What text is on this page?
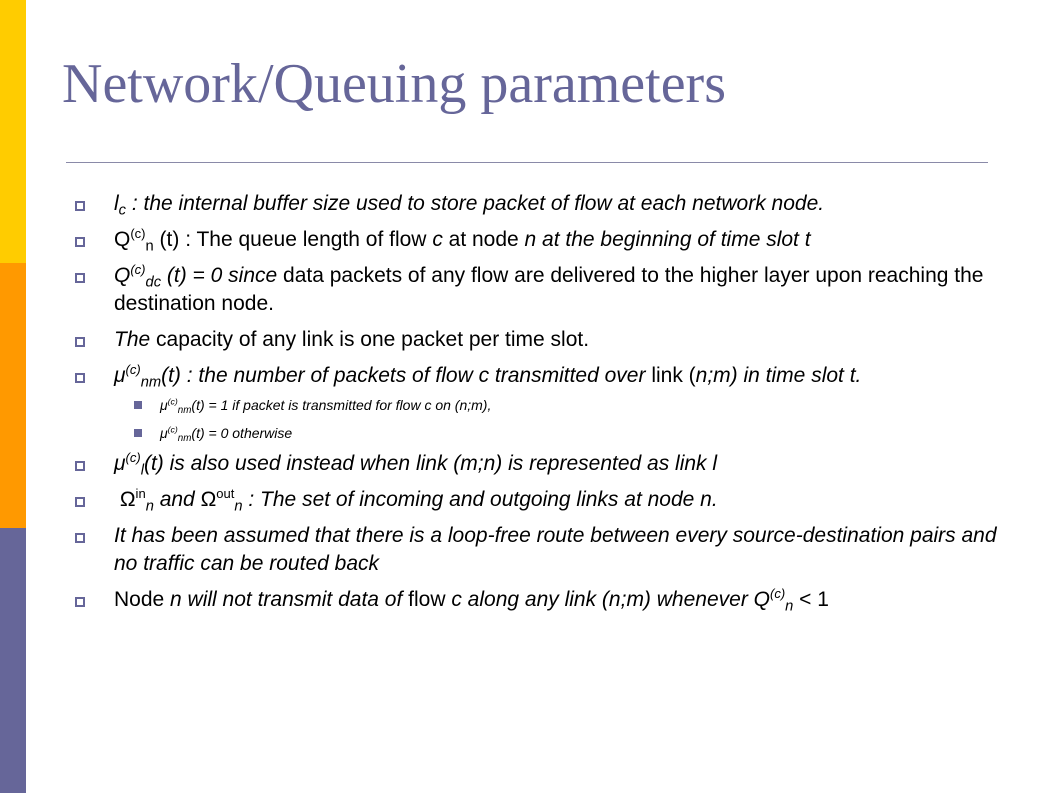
Network/Queuing parameters
$l_c$ : the internal buffer size used to store packet of flow at each network node.
$Q^{(c)}_n$ (t) : The queue length of flow c at node n at the beginning of time slot t
$Q^{(c)}_{dc}$ (t) = 0 since data packets of any flow are delivered to the higher layer upon reaching the destination node.
The capacity of any link is one packet per time slot.
$\mu^{(c)}_{nm}(t)$ : the number of packets of flow c transmitted over link (n;m) in time slot t.
$\mu^{(c)}_{nm}(t) = 1$ if packet is transmitted for flow c on (n;m),
$\mu^{(c)}_{nm}(t) = 0$ otherwise
$\mu^{(c)}_l(t)$ is also used instead when link (m;n) is represented as link l
$\Omega^{in}_n$ and $\Omega^{out}_n$ : The set of incoming and outgoing links at node n.
It has been assumed that there is a loop-free route between every source-destination pairs and no traffic can be routed back
Node n will not transmit data of flow c along any link (n;m) whenever $Q^{(c)}_n < 1$
